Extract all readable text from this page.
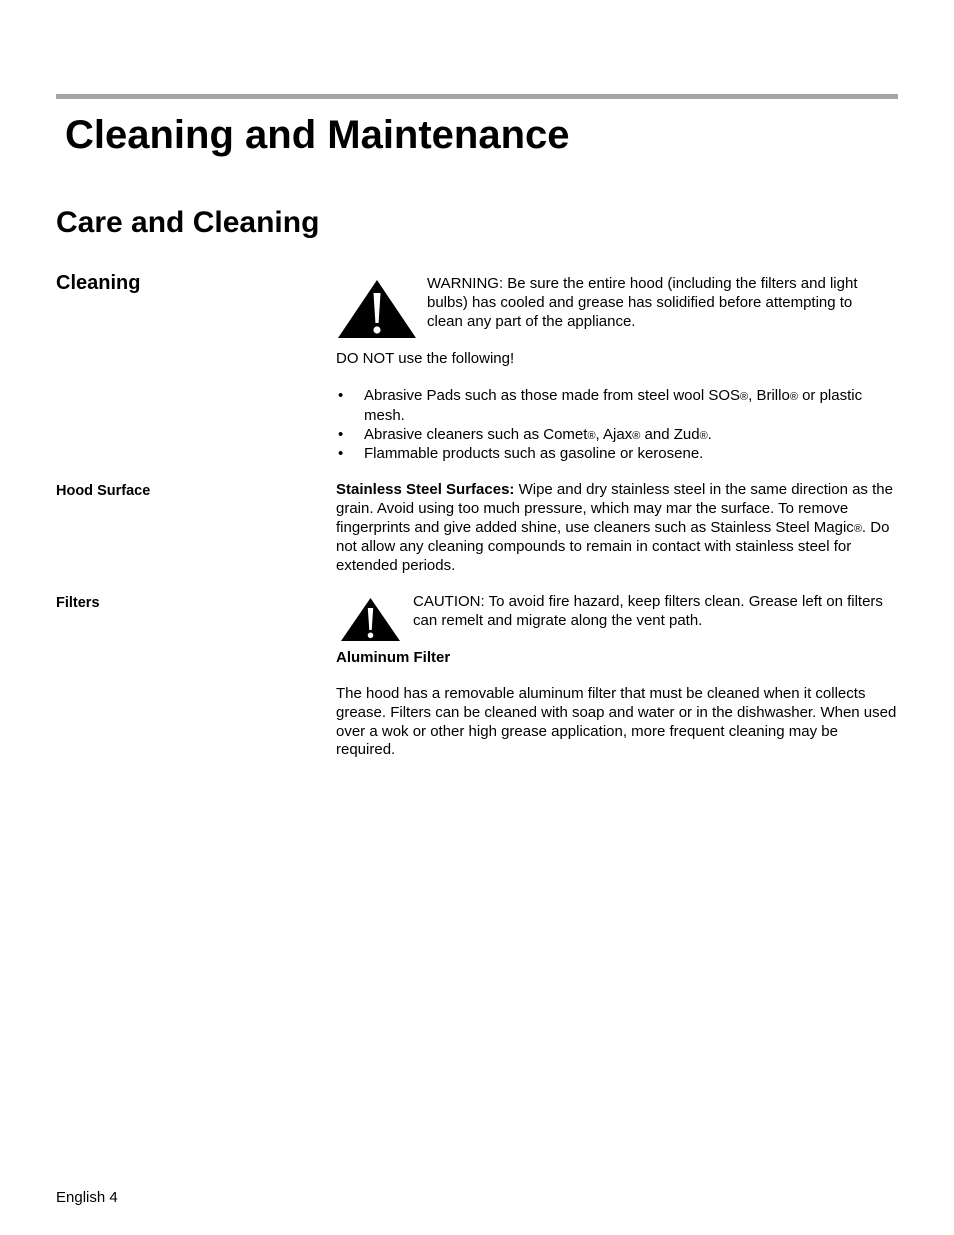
Cleaning and Maintenance
Care and Cleaning
Cleaning	WARNING: Be sure the entire hood (including the filters and light bulbs) has cooled and grease has solidified before attempting to clean any part of the appliance.

DO NOT use the following!

• Abrasive Pads such as those made from steel wool SOS®, Brillo® or plastic mesh.
• Abrasive cleaners such as Comet®, Ajax® and Zud®.
• Flammable products such as gasoline or kerosene.

Hood Surface	Stainless Steel Surfaces: Wipe and dry stainless steel in the same direction as the grain. Avoid using too much pressure, which may mar the surface. To remove fingerprints and give added shine, use cleaners such as Stainless Steel Magic®. Do not allow any cleaning compounds to remain in contact with stainless steel for extended periods.

Filters	CAUTION: To avoid fire hazard, keep filters clean. Grease left on filters can remelt and migrate along the vent path.

Aluminum Filter

The hood has a removable aluminum filter that must be cleaned when it collects grease. Filters can be cleaned with soap and water or in the dishwasher. When used over a wok or other high grease application, more frequent cleaning may be required.

English 4
